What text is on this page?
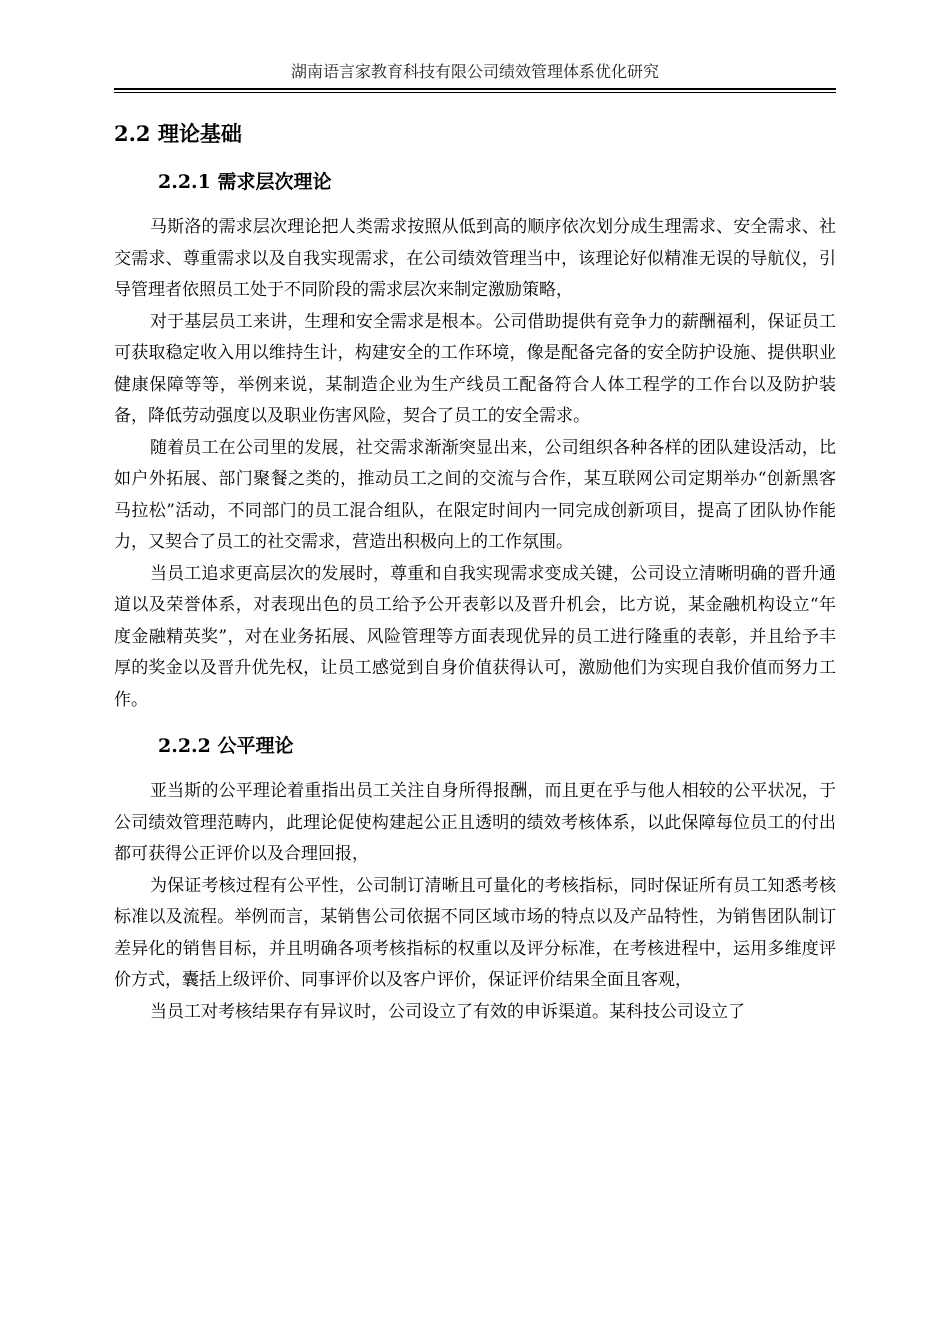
湖南语言家教育科技有限公司绩效管理体系优化研究
2.2 理论基础
2.2.1 需求层次理论

马斯洛的需求层次理论把人类需求按照从低到高的顺序依次划分成生理需求、安全需求、社交需求、尊重需求以及自我实现需求，在公司绩效管理当中，该理论好似精准无误的导航仪，引导管理者依照员工处于不同阶段的需求层次来制定激励策略，

对于基层员工来讲，生理和安全需求是根本。公司借助提供有竞争力的薪酬福利，保证员工可获取稳定收入用以维持生计，构建安全的工作环境，像是配备完备的安全防护设施、提供职业健康保障等等，举例来说，某制造企业为生产线员工配备符合人体工程学的工作台以及防护装备，降低劳动强度以及职业伤害风险，契合了员工的安全需求。

随着员工在公司里的发展，社交需求渐渐突显出来，公司组织各种各样的团队建设活动，比如户外拓展、部门聚餐之类的，推动员工之间的交流与合作，某互联网公司定期举办“创新黑客马拉松”活动，不同部门的员工混合组队，在限定时间内一同完成创新项目，提高了团队协作能力，又契合了员工的社交需求，营造出积极向上的工作氛围。

当员工追求更高层次的发展时，尊重和自我实现需求变成关键，公司设立清晰明确的晋升通道以及荣誉体系，对表现出色的员工给予公开表彰以及晋升机会，比方说，某金融机构设立“年度金融精英奖”，对在业务拓展、风险管理等方面表现优异的员工进行隆重的表彰，并且给予丰厚的奖金以及晋升优先权，让员工感觉到自身价值获得认可，激励他们为实现自我价值而努力工作。

2.2.2 公平理论

亚当斯的公平理论着重指出员工关注自身所得报酬，而且更在乎与他人相较的公平状况，于公司绩效管理范畴内，此理论促使构建起公正且透明的绩效考核体系，以此保障每位员工的付出都可获得公正评价以及合理回报，

为保证考核过程有公平性，公司制订清晰且可量化的考核指标，同时保证所有员工知悉考核标准以及流程。举例而言，某销售公司依据不同区域市场的特点以及产品特性，为销售团队制订差异化的销售目标，并且明确各项考核指标的权重以及评分标准，在考核进程中，运用多维度评价方式，囊括上级评价、同事评价以及客户评价，保证评价结果全面且客观，

当员工对考核结果存有异议时，公司设立了有效的申诉渠道。某科技公司设立了
